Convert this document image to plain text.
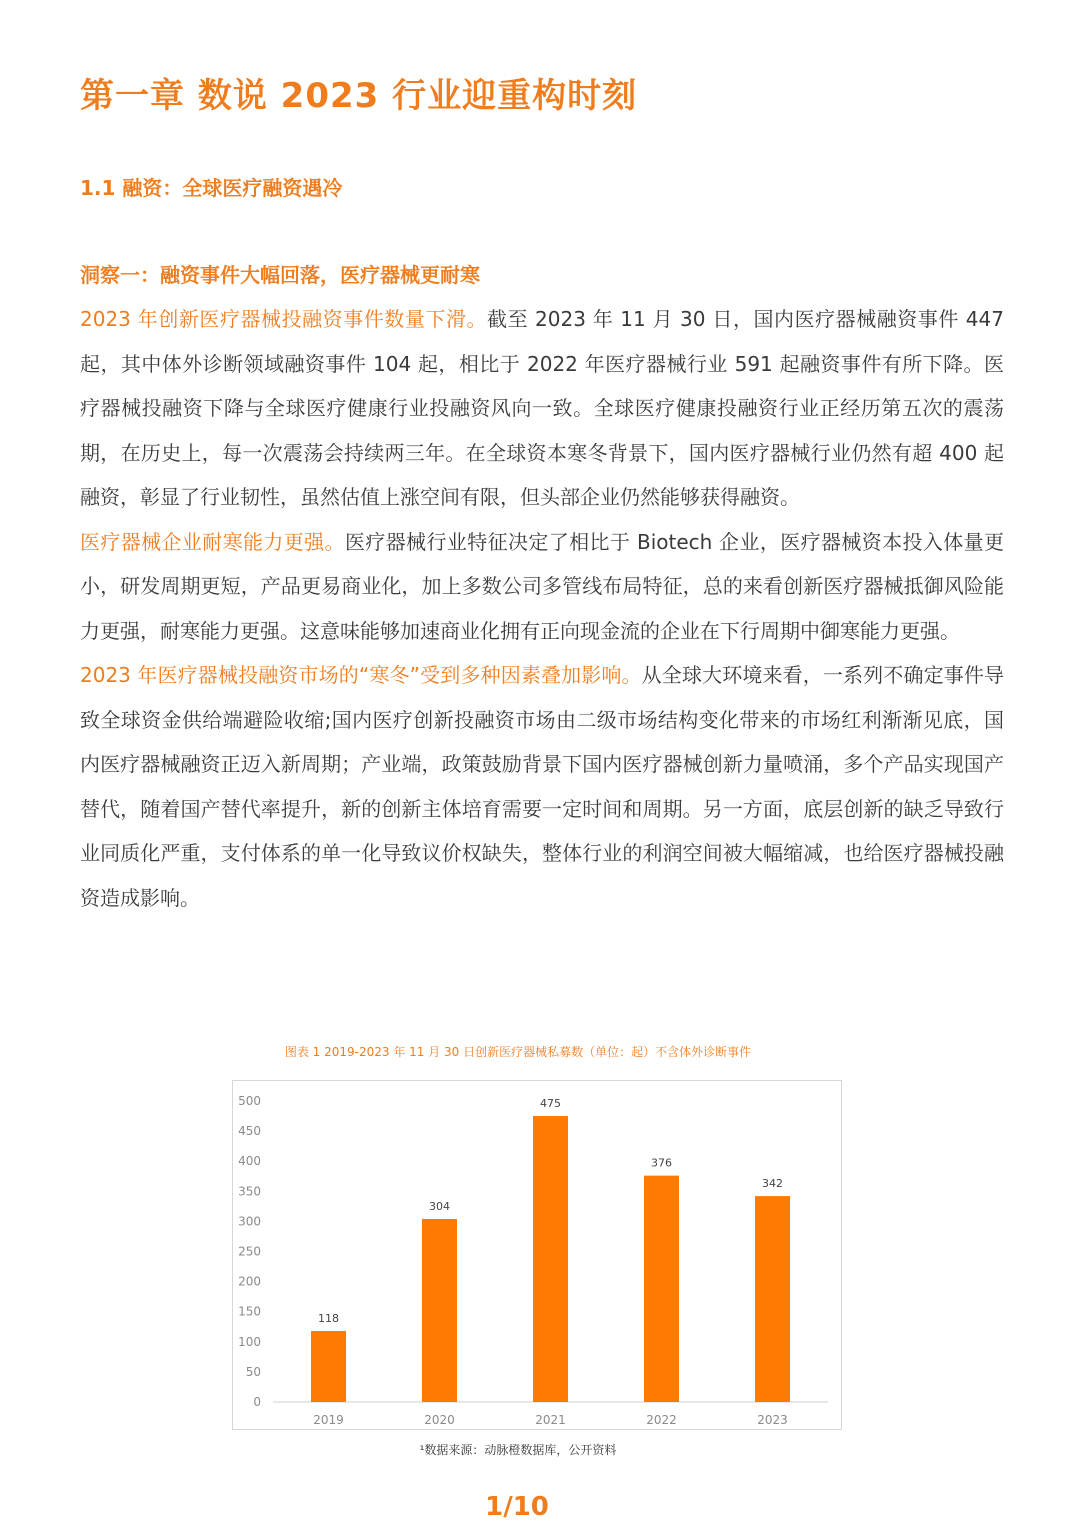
第一章 数说 2023 行业迎重构时刻
1.1 融资：全球医疗融资遇冷
洞察一：融资事件大幅回落，医疗器械更耐寒

2023 年创新医疗器械投融资事件数量下滑。截至 2023 年 11 月 30 日，国内医疗器械融资事件 447 起，其中体外诊断领域融资事件 104 起，相比于 2022 年医疗器械行业 591 起融资事件有所下降。医疗器械投融资下降与全球医疗健康行业投融资风向一致。全球医疗健康投融资行业正经历第五次的震荡期，在历史上，每一次震荡会持续两三年。在全球资本寒冬背景下，国内医疗器械行业仍然有超 400 起融资，彰显了行业韧性，虽然估值上涨空间有限，但头部企业仍然能够获得融资。

医疗器械企业耐寒能力更强。医疗器械行业特征决定了相比于 Biotech 企业，医疗器械资本投入体量更小，研发周期更短，产品更易商业化，加上多数公司多管线布局特征，总的来看创新医疗器械抵御风险能力更强，耐寒能力更强。这意味能够加速商业化拥有正向现金流的企业在下行周期中御寒能力更强。

2023 年医疗器械投融资市场的“寒冬”受到多种因素叠加影响。从全球大环境来看，一系列不确定事件导致全球资金供给端避险收缩;国内医疗创新投融资市场由二级市场结构变化带来的市场红利渐渐见底，国内医疗器械融资正迈入新周期；产业端，政策鼓励背景下国内医疗器械创新力量喷涌，多个产品实现国产替代，随着国产替代率提升，新的创新主体培育需要一定时间和周期。另一方面，底层创新的缺乏导致行业同质化严重，支付体系的单一化导致议价权缺失，整体行业的利润空间被大幅缩减，也给医疗器械投融资造成影响。

图表 1 2019-2023 年 11 月 30 日创新医疗器械私募数（单位：起）不含体外诊断事件
0
50
100
150
200
250
300
350
400
450
500
118
2019
304
2020
475
2021
376
2022
342
2023
¹数据来源：动脉橙数据库，公开资料
1/10
